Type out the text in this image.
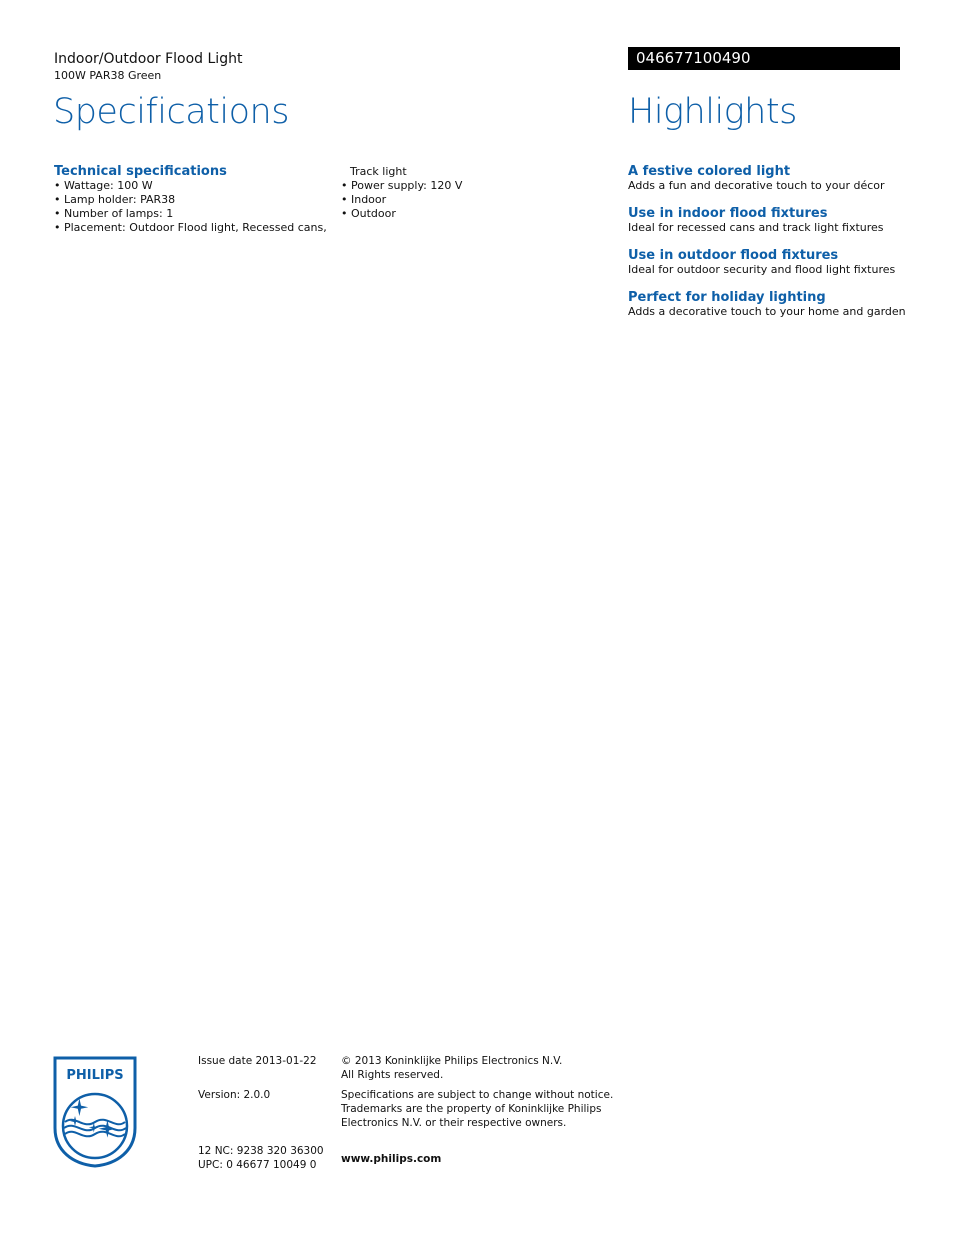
Indoor/Outdoor Flood Light
100W PAR38 Green
046677100490
Specifications	Highlights
Technical specifications
• Wattage: 100 W
• Lamp holder: PAR38
• Number of lamps: 1
• Placement: Outdoor Flood light, Recessed cans,
Track light
• Power supply: 120 V
• Indoor
• Outdoor
A festive colored light
Adds a fun and decorative touch to your décor
Use in indoor flood fixtures
Ideal for recessed cans and track light fixtures
Use in outdoor flood fixtures
Ideal for outdoor security and flood light fixtures
Perfect for holiday lighting
Adds a decorative touch to your home and garden
PHILIPS
Issue date 2013-01-22
Version: 2.0.0
12 NC: 9238 320 36300
UPC: 0 46677 10049 0
© 2013 Koninklijke Philips Electronics N.V.
All Rights reserved.
Specifications are subject to change without notice.
Trademarks are the property of Koninklijke Philips
Electronics N.V. or their respective owners.
www.philips.com
